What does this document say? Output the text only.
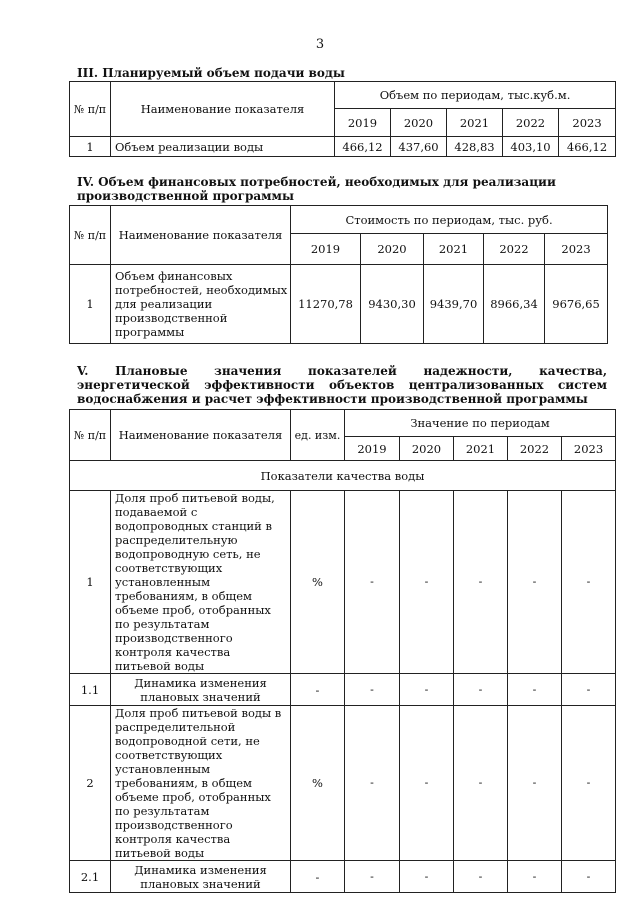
3
III. Планируемый объем подачи воды
№ п/п	Наименование показателя	Объем по периодам, тыс.куб.м.				
		2019	2020	2021	2022	2023
1	Объем реализации воды	466,12	437,60	428,83	403,10	466,12
IV. Объем финансовых потребностей, необходимых для реализации производственной программы
№ п/п	Наименование показателя	Стоимость по периодам, тыс. руб.				
		2019	2020	2021	2022	2023
1	Объем финансовых потребностей, необходимых для реализации производственной программы	11270,78	9430,30	9439,70	8966,34	9676,65
V. Плановые значения показателей надежности, качества, энергетической эффективности объектов централизованных систем водоснабжения и расчет эффективности производственной программы
№ п/п	Наименование показателя	ед. изм.	Значение по периодам				
			2019	2020	2021	2022	2023
Показатели качества воды							
1	Доля проб питьевой воды, подаваемой с водопроводных станций в распределительную водопроводную сеть, не соответствующих установленным требованиям, в общем объеме проб, отобранных по результатам производственного контроля качества питьевой воды	%	-	-	-	-	-
1.1	Динамика изменения плановых значений	-	-	-	-	-	-
2	Доля проб питьевой воды в распределительной водопроводной сети, не соответствующих установленным требованиям, в общем объеме проб, отобранных по результатам производственного контроля качества питьевой воды	%	-	-	-	-	-
2.1	Динамика изменения плановых значений	-	-	-	-	-	-
